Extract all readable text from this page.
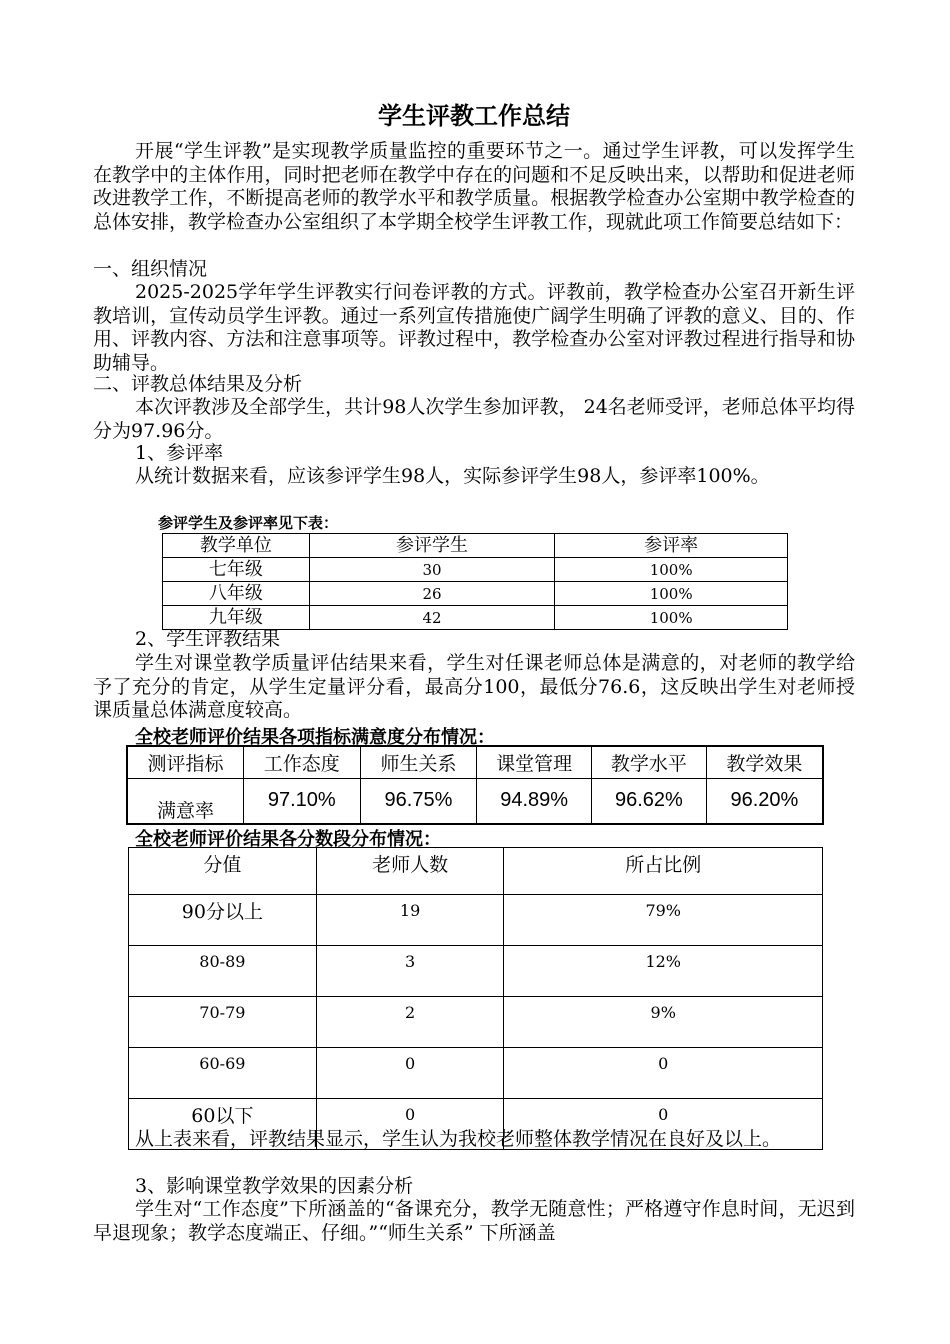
学生评教工作总结

开展“学生评教”是实现教学质量监控的重要环节之一。通过学生评教，可以发挥学生在教学中的主体作用，同时把老师在教学中存在的问题和不足反映出来，以帮助和促进老师改进教学工作，不断提高老师的教学水平和教学质量。根据教学检查办公室期中教学检查的总体安排，教学检查办公室组织了本学期全校学生评教工作，现就此项工作简要总结如下：

一、组织情况

2025-2025学年学生评教实行问卷评教的方式。评教前，教学检查办公室召开新生评教培训，宣传动员学生评教。通过一系列宣传措施使广阔学生明确了评教的意义、目的、作用、评教内容、方法和注意事项等。评教过程中，教学检查办公室对评教过程进行指导和协助辅导。

二、评教总体结果及分析

本次评教涉及全部学生，共计98人次学生参加评教， 24名老师受评，老师总体平均得分为97.96分。

1、参评率

从统计数据来看，应该参评学生98人，实际参评学生98人，参评率100%。

参评学生及参评率见下表：
教学单位	参评学生	参评率
七年级	30	100%
八年级	26	100%
九年级	42	100%

2、学生评教结果

学生对课堂教学质量评估结果来看，学生对任课老师总体是满意的，对老师的教学给予了充分的肯定，从学生定量评分看，最高分100，最低分76.6，这反映出学生对老师授课质量总体满意度较高。

全校老师评价结果各项指标满意度分布情况：
测评指标	工作态度	师生关系	课堂管理	教学水平	教学效果
满意率	97.10%	96.75%	94.89%	96.62%	96.20%
全校老师评价结果各分数段分布情况：
分值	老师人数	所占比例
90分以上	19	79%
80-89	3	12%
70-79	2	9%
60-69	0	0
60以下	0	0

从上表来看，评教结果显示，学生认为我校老师整体教学情况在良好及以上。

3、影响课堂教学效果的因素分析

学生对“工作态度”下所涵盖的“备课充分，教学无随意性；严格遵守作息时间，无迟到早退现象；教学态度端正、仔细。”“师生关系” 下所涵盖
